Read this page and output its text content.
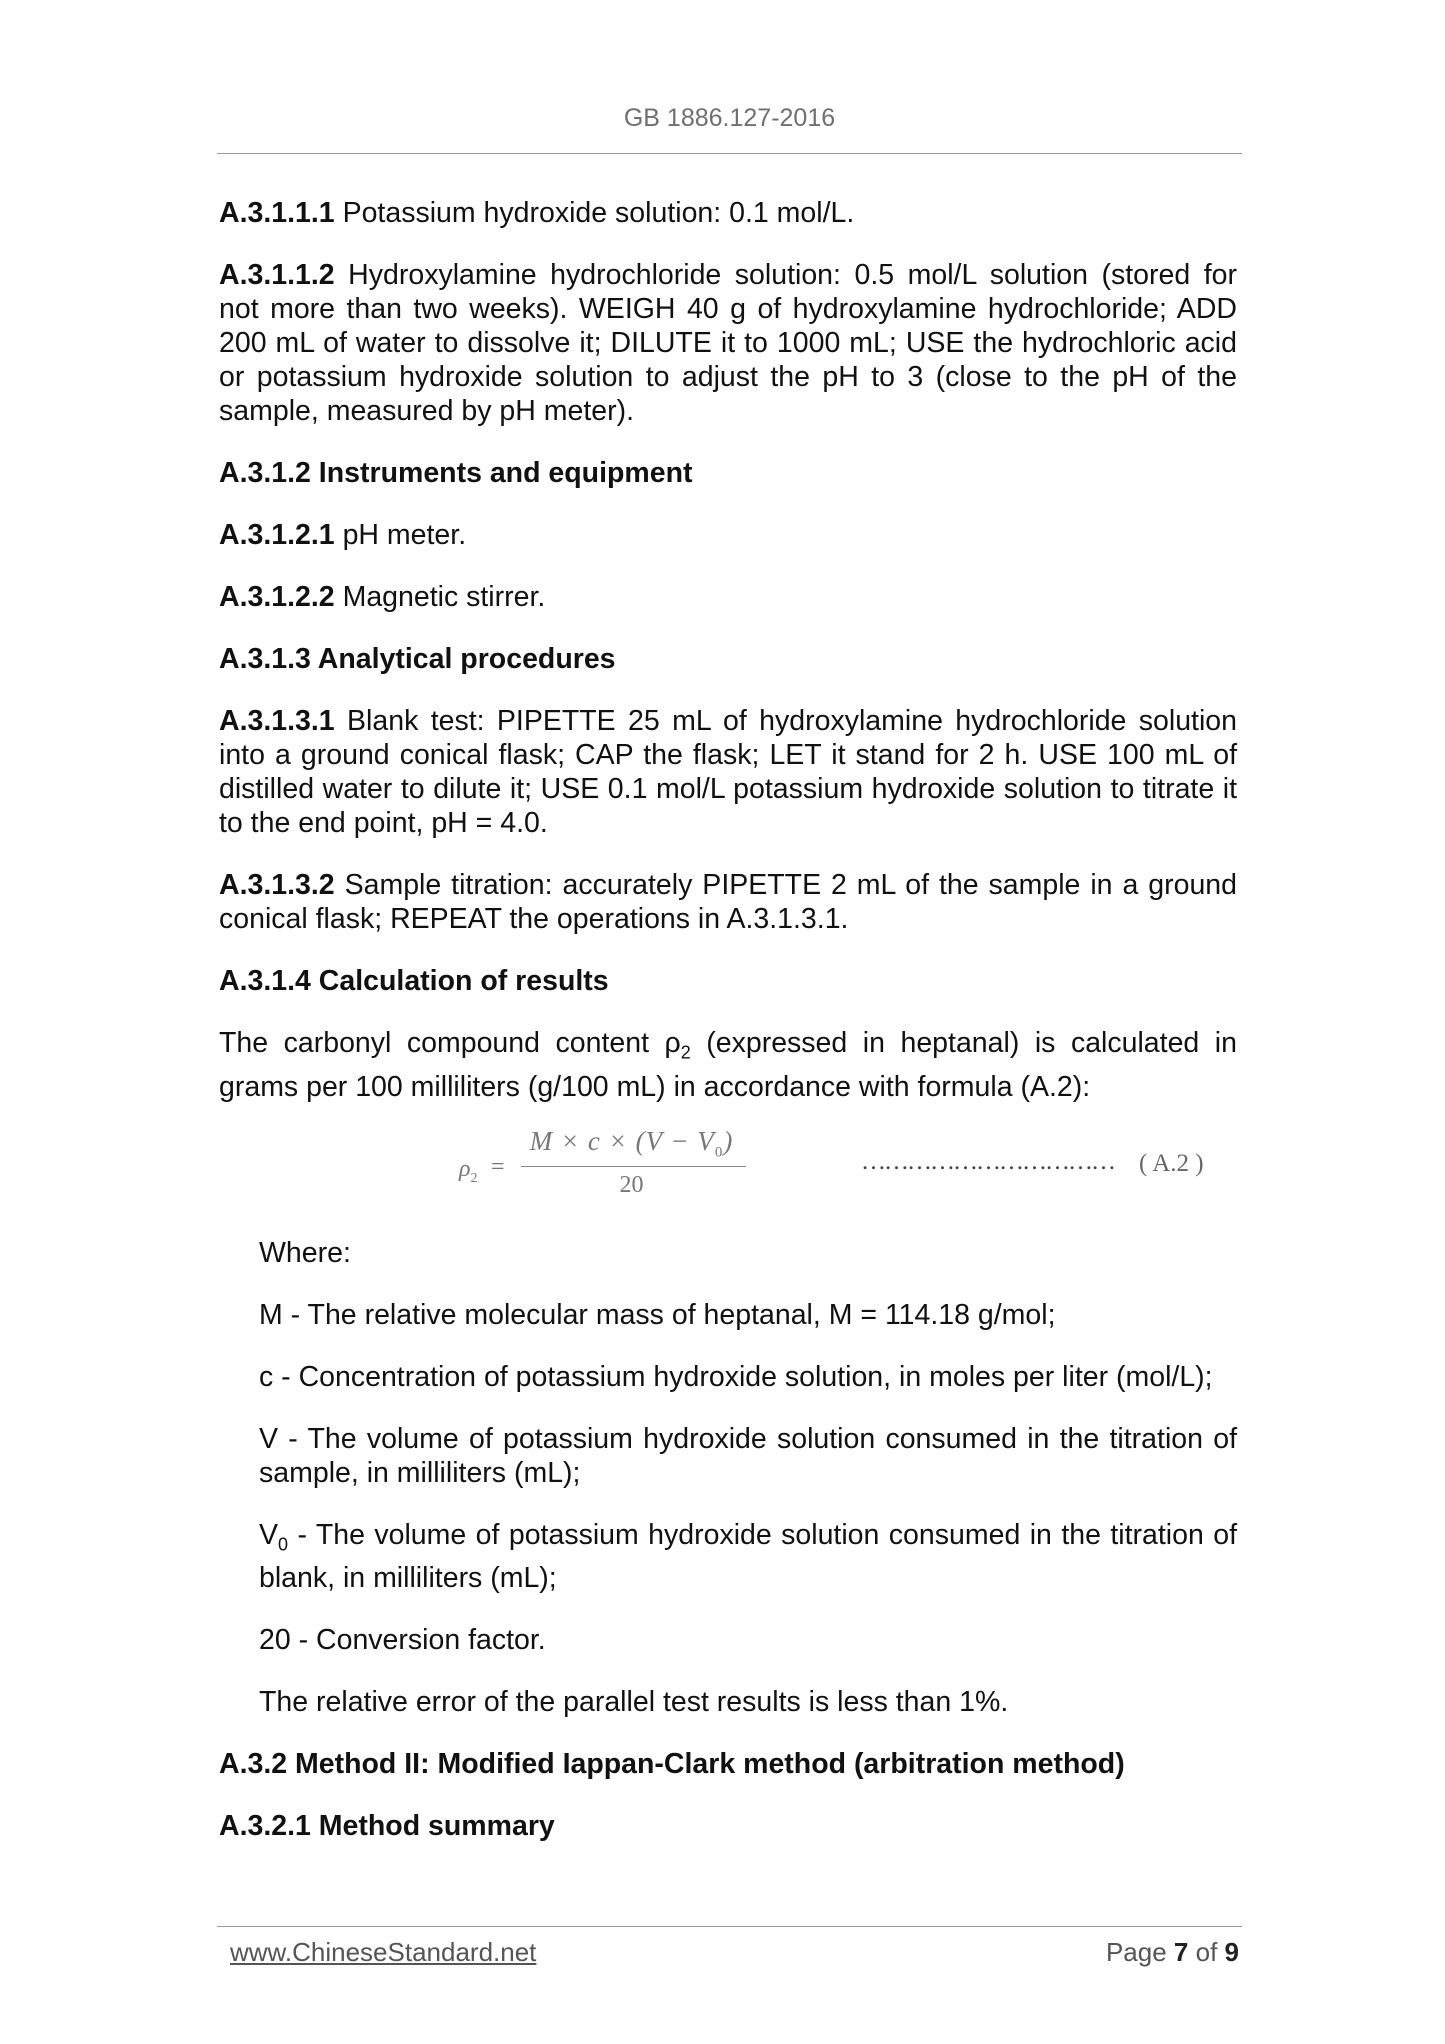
GB 1886.127-2016

A.3.1.1.1 Potassium hydroxide solution: 0.1 mol/L.

A.3.1.1.2 Hydroxylamine hydrochloride solution: 0.5 mol/L solution (stored for not more than two weeks). WEIGH 40 g of hydroxylamine hydrochloride; ADD 200 mL of water to dissolve it; DILUTE it to 1000 mL; USE the hydrochloric acid or potassium hydroxide solution to adjust the pH to 3 (close to the pH of the sample, measured by pH meter).

A.3.1.2 Instruments and equipment

A.3.1.2.1 pH meter.

A.3.1.2.2 Magnetic stirrer.

A.3.1.3 Analytical procedures

A.3.1.3.1 Blank test: PIPETTE 25 mL of hydroxylamine hydrochloride solution into a ground conical flask; CAP the flask; LET it stand for 2 h. USE 100 mL of distilled water to dilute it; USE 0.1 mol/L potassium hydroxide solution to titrate it to the end point, pH = 4.0.

A.3.1.3.2 Sample titration: accurately PIPETTE 2 mL of the sample in a ground conical flask; REPEAT the operations in A.3.1.3.1.

A.3.1.4 Calculation of results

The carbonyl compound content $\rho_2$ (expressed in heptanal) is calculated in grams per 100 milliliters (g/100 mL) in accordance with formula (A.2):

$\rho_2$ =
$M \times c \times (V - V_0)$
20
…………………………… ( A.2 )

Where:

M - The relative molecular mass of heptanal, M = 114.18 g/mol;

c - Concentration of potassium hydroxide solution, in moles per liter (mol/L);

V - The volume of potassium hydroxide solution consumed in the titration of sample, in milliliters (mL);

$V_0$ - The volume of potassium hydroxide solution consumed in the titration of blank, in milliliters (mL);

20 - Conversion factor.

The relative error of the parallel test results is less than 1%.

A.3.2 Method II: Modified Iappan-Clark method (arbitration method)

A.3.2.1 Method summary

www.ChineseStandard.net	Page 7 of 9
